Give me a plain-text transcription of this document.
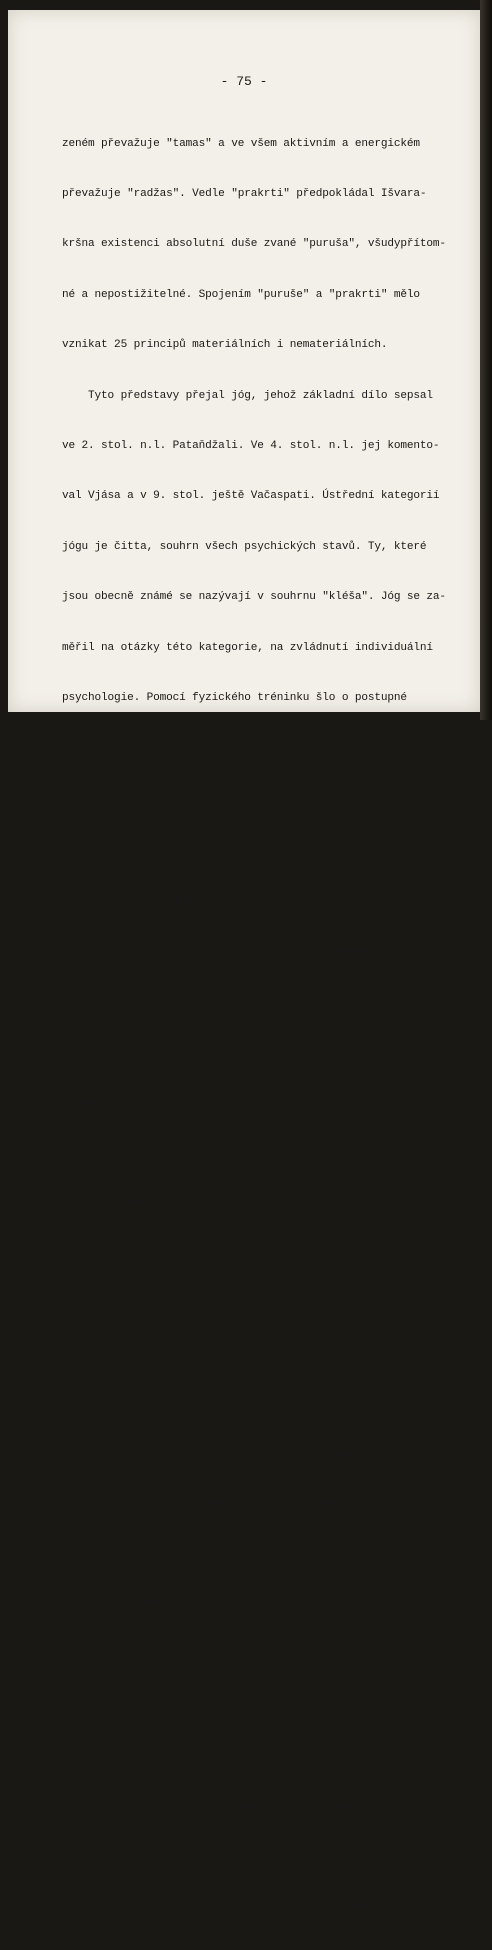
- 75 -

zeném převažuje "tamas" a ve všem aktivním a energickém

převažuje "radžas". Vedle "prakrti" předpokládal Išvara-

kršna existenci absolutní duše zvané "puruša", všudypřítom-

né a nepostižitelné. Spojením "puruše" a "prakrti" mělo

vznikat 25 principů materiálních i nemateriálních.

Tyto představy přejal jóg, jehož základní dílo sepsal

ve 2. stol. n.l. Pataňdžali. Ve 4. stol. n.l. jej komento-

val Vjása a v 9. stol. ještě Vačaspati. Ústřední kategorií

jógu je čitta, souhrn všech psychických stavů. Ty, které

jsou obecně známé se nazývají v souhrnu "kléša". Jóg se za-

měřil na otázky této kategorie, na zvládnutí individuální

psychologie. Pomocí fyzického tréninku šlo o postupné

zvládnutí těchto stupňů: sebeovládání "jama", ovládnutí

dýchání "ásána", ovládnutí izolace smyslů od vnějších vli-

vů "pratjahara", koncentraci mysli "dharana" a konečně na-

vození extase "samadhi". Zvládnutí všech stupňů mělo dovést

člověka k absolutní bytosti "Išvara", což má umožnit osvo-

bození od "kármánu" a "sánsáry".

V období 5. až 10. stol. n.l. se objevuje "tantrická

filozofie". "Tantra" jsou spisy hinduistické sekty šaktů,

uctívajících manželku boha Šivy jménem Párvatí. Ke kultu

patřila přeměna látek, tedy obdoba cílů pozdější evropské

alchymie. Tantrici uznávali sedm kovů: zlato, stříbro, měď,

cín, olovo, zinek a železo.

Sloučeniny byly označovány "vedlejší kovy". V té době

nejrozšířenějšími z nich byly síran měďnatý, kysličník

olovnatý, síran železnatý, uhličitan zinečnatý, borax, ka-

menec, arsenik; je zajímavé, že k "vedlejším kovům" byla

počítána i síra nebo rtuť. Kovy se přidávaly do léků s cí-

lem získání "bhasmů" čili jejich "umrtvené formy" předáva-

jící "sílu" rostlinným součástem léků. Zajímavé je porovná-

ní s čínskou tradiční medicinou, užívající prakticky stejné

sloučeniny.

V současné době je v Indii nejrozšířenějším tradič-

ním léčitelským systémem Ayurvéd. Podle názoru praktiků jde

o soubor postupů založených na znalosti rostlin, minerálů
